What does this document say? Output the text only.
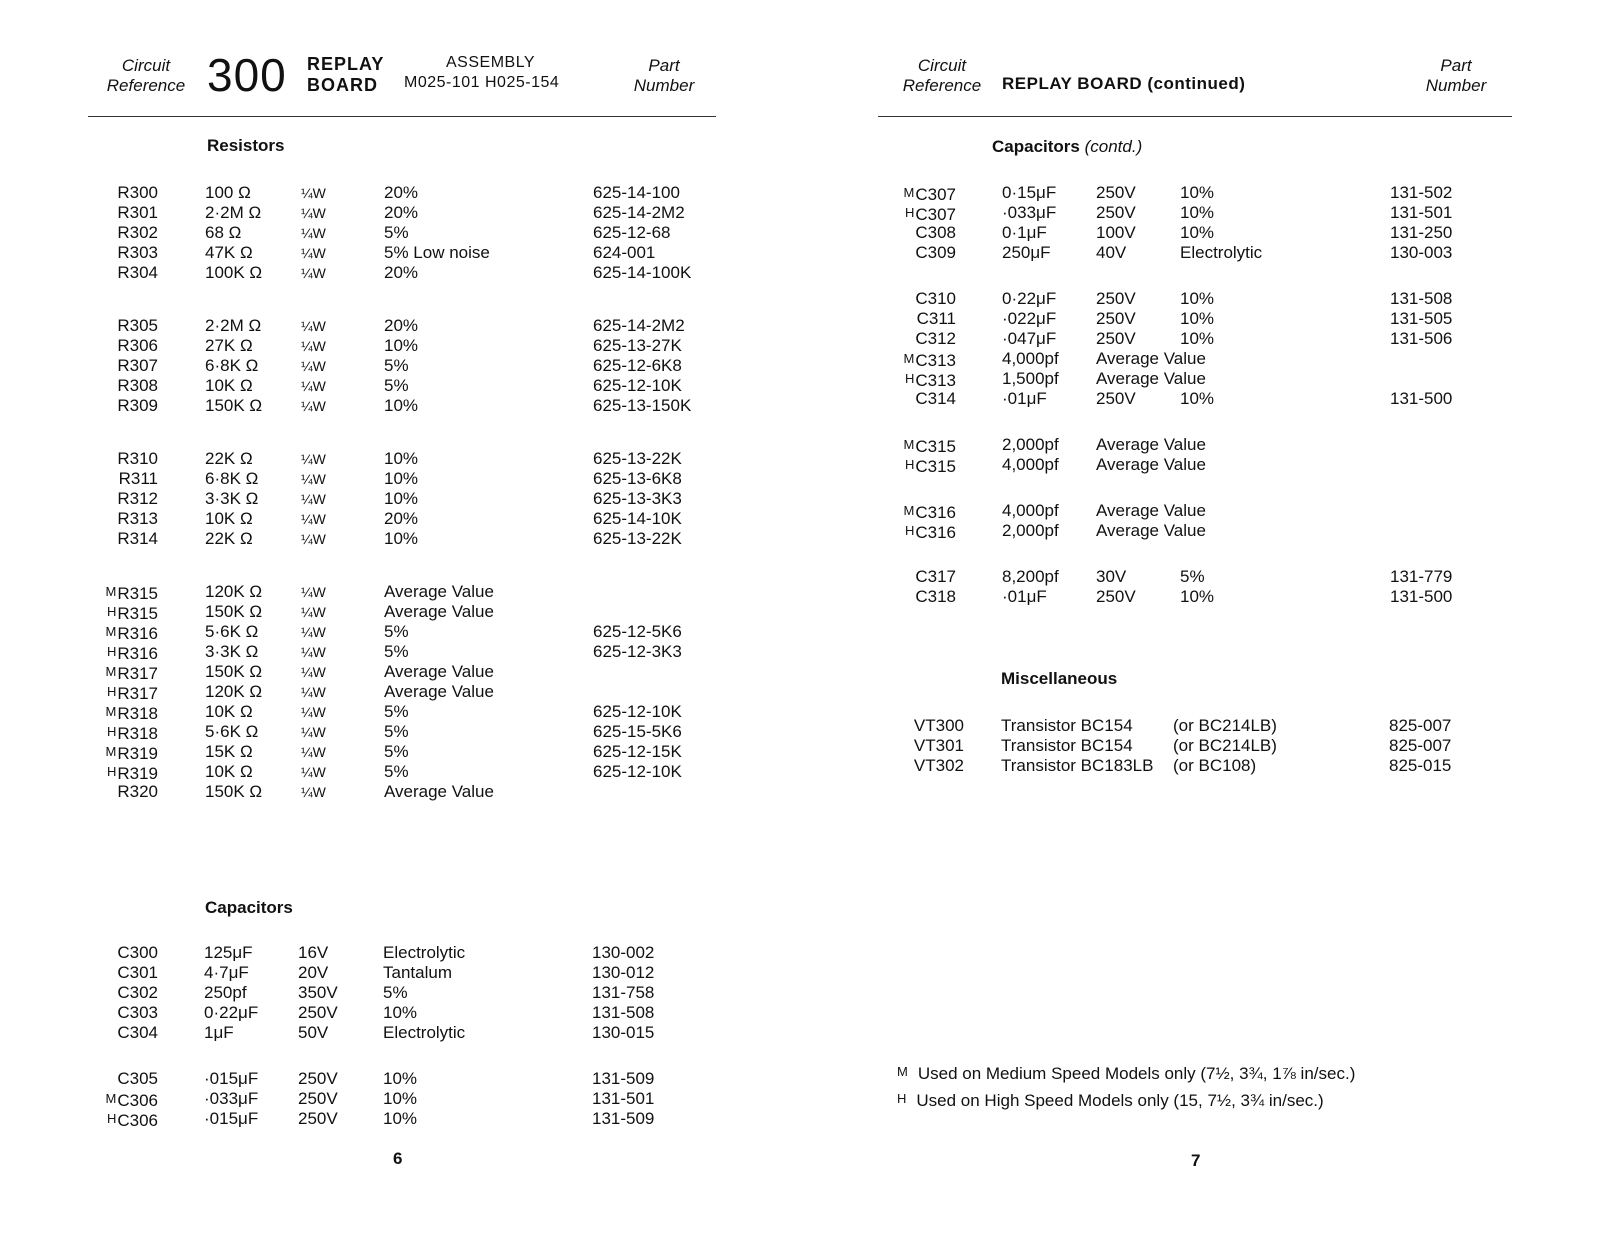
Circuit
Reference 300 REPLAY
BOARD
ASSEMBLY
M025-101 H025-154
Part
Number
Resistors
R300	100 Ω	¼W	20%	625-14-100
R301	2·2M Ω	¼W	20%	625-14-2M2
R302	68 Ω	¼W	5%	625-12-68
R303	47K Ω	¼W	5% Low noise	624-001
R304	100K Ω	¼W	20%	625-14-100K
R305	2·2M Ω	¼W	20%	625-14-2M2
R306	27K Ω	¼W	10%	625-13-27K
R307	6·8K Ω	¼W	5%	625-12-6K8
R308	10K Ω	¼W	5%	625-12-10K
R309	150K Ω	¼W	10%	625-13-150K
R310	22K Ω	¼W	10%	625-13-22K
R311	6·8K Ω	¼W	10%	625-13-6K8
R312	3·3K Ω	¼W	10%	625-13-3K3
R313	10K Ω	¼W	20%	625-14-10K
R314	22K Ω	¼W	10%	625-13-22K
MR315	120K Ω	¼W	Average Value
HR315	150K Ω	¼W	Average Value
MR316	5·6K Ω	¼W	5%	625-12-5K6
HR316	3·3K Ω	¼W	5%	625-12-3K3
MR317	150K Ω	¼W	Average Value
HR317	120K Ω	¼W	Average Value
MR318	10K Ω	¼W	5%	625-12-10K
HR318	5·6K Ω	¼W	5%	625-15-5K6
MR319	15K Ω	¼W	5%	625-12-15K
HR319	10K Ω	¼W	5%	625-12-10K
R320	150K Ω	¼W	Average Value
Capacitors
C300	125μF	16V	Electrolytic	130-002
C301	4·7μF	20V	Tantalum	130-012
C302	250pf	350V	5%	131-758
C303	0·22μF 250V	10%	131-508
C304	1μF	50V	Electrolytic	130-015
C305	·015μF 250V	10%	131-509
MC306	·033μF 250V	10%	131-501
HC306	·015μF 250V	10%	131-509
6
Circuit
Reference	REPLAY BOARD (continued)
Part
Number
Capacitors (contd.)
MC307	0·15μF 250V	10%	131-502
HC307	·033μF 250V	10%	131-501
C308	0·1μF	100V	10%	131-250
C309	250μF	40V	Electrolytic	130-003
C310	0·22μF 250V	10%	131-508
C311	·022μF 250V	10%	131-505
C312	·047μF 250V	10%	131-506
MC313	4,000pf Average Value
HC313	1,500pf Average Value
C314	·01μF	250V	10%	131-500
MC315	2,000pf Average Value
HC315	4,000pf Average Value
MC316	4,000pf Average Value
HC316	2,000pf Average Value
C317	8,200pf 30V	5%	131-779
C318	·01μF	250V	10%	131-500
Miscellaneous
VT300 Transistor BC154 (or BC214LB)	825-007
VT301 Transistor BC154 (or BC214LB)	825-007
VT302 Transistor BC183LB (or BC108)	825-015
$^M$ Used on Medium Speed Models only (7½, 3¾, 1⅞ in/sec.)
$^H$ Used on High Speed Models only (15, 7½, 3¾ in/sec.)
7
